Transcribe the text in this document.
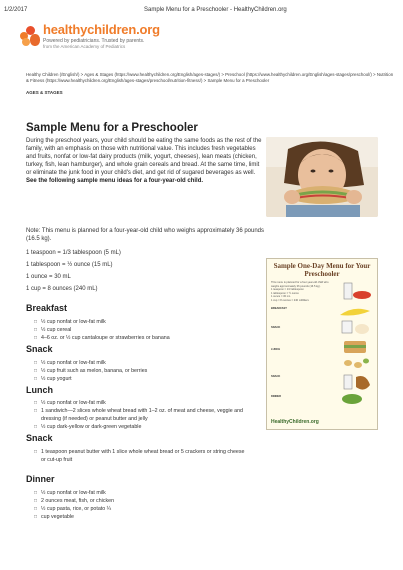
1/2/2017	Sample Menu for a Preschooler - HealthyChildren.org
healthychildren.org
Powered by pediatricians. Trusted by parents.
from the American Academy of Pediatrics
Healthy Children (/English/) > Ages & Stages (https://www.healthychildren.org/English/ages-stages/) > Preschool (https://www.healthychildren.org/English/ages-stages/preschool/) > Nutrition & Fitness (https://www.healthychildren.org/English/ages-stages/preschool/nutrition-fitness/) > Sample Menu for a Preschooler
AGES & STAGES
Sample Menu for a Preschooler

During the preschool years, your child should be eating the same foods as the rest of the family, with an emphasis on those with nutritional value. This includes fresh vegetables and fruits, nonfat or low-fat dairy products (milk, yogurt, cheeses), lean meats (chicken, turkey, fish, lean hamburger), and whole grain cereals and bread. At the same time, limit or eliminate the junk food in your child's diet, and get rid of sugared beverages as well. See the following sample menu ideas for a four-year-old child.

Note: This menu is planned for a four-year-old child who weighs approximately 36 pounds (16.5 kg).

1 teaspoon = 1/3 tablespoon (5 mL)
1 tablespoon = ½ ounce (15 mL)
1 ounce = 30 mL
1 cup = 8 ounces (240 mL)
Breakfast
□ ½ cup nonfat or low-fat milk
□ ½ cup cereal
□ 4–6 oz. or ½ cup cantaloupe or strawberries or banana
Snack
□ ½ cup nonfat or low-fat milk
□ ½ cup fruit such as melon, banana, or berries
□ ½ cup yogurt
Lunch
□ ½ cup nonfat or low-fat milk
□ 1 sandwich—2 slices whole wheat bread with 1–2 oz. of meat and cheese, veggie and dressing (if needed) or peanut butter and jelly
□ ½ cup dark-yellow or dark-green vegetable
Snack
□ 1 teaspoon peanut butter with 1 slice whole wheat bread or 5 crackers or string cheese or cut-up fruit
Dinner
□ ½ cup nonfat or low-fat milk
□ 2 ounces meat, fish, or chicken
□ ½ cup pasta, rice, or potato ¼
□ cup vegetable
Sample One-Day Menu for Your Preschooler
This menu is planned for a four-year-old child who weighs approximately 36 pounds (16.5 kg).
1 teaspoon = 1/3 tablespoon
1 tablespoon = ½ ounce
1 ounce = 30 mL
1 cup = 8 ounces = 240 milliliters
BREAKFAST
SNACK
LUNCH
SNACK
DINNER
HealthyChildren.org
